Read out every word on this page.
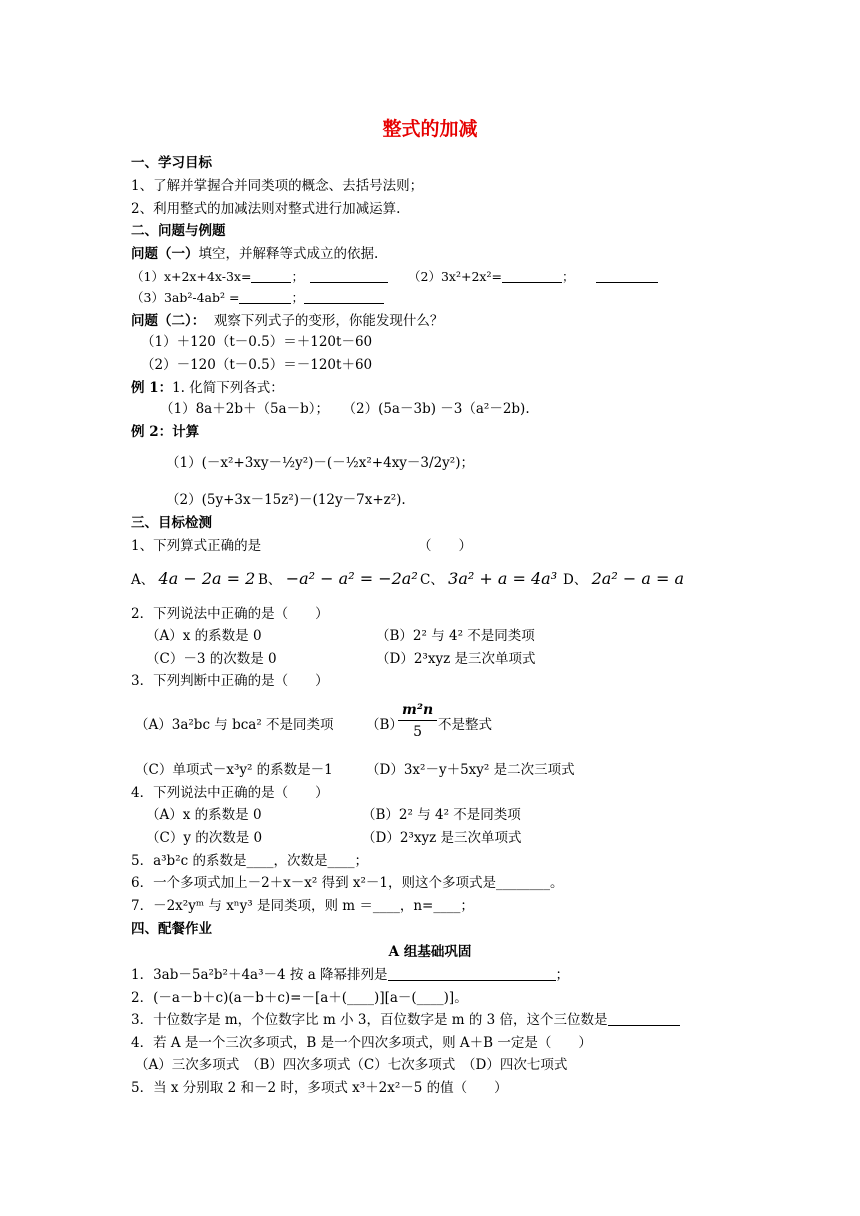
整式的加减
一、学习目标
1、了解并掌握合并同类项的概念、去括号法则；
2、利用整式的加减法则对整式进行加减运算.
二、问题与例题
问题（一）填空，并解释等式成立的依据.
（1）x+2x+4x-3x=	；	（2）3x²+2x²=	；
（3）3ab²-4ab² =	；
问题（二）： 观察下列式子的变形，你能发现什么？
（1）＋120（t－0.5）＝＋120t－60
（2）－120（t－0.5）＝－120t＋60
例 1：1. 化简下列各式：
（1）8a＋2b＋（5a－b）；　　（2）(5a－3b) －3（a²－2b).
例 2：计算
（1）(－x²+3xy－½y²)－(－½x²+4xy－3/2y²)；
（2）(5y+3x－15z²)－(12y－7x+z²).
三、目标检测
1、下列算式正确的是	（　　）
A、 4a − 2a = 2 B、 −a² − a² = −2a² C、 3a² + a = 4a³ D、 2a² − a = a
2．下列说法中正确的是（　　）
（A）x 的系数是 0	（B）2² 与 4² 不是同类项
（C）－3 的次数是 0	（D）2³xyz 是三次单项式
3．下列判断中正确的是（　　）
（A）3a²bc 与 bca² 不是同类项 （B）
$\frac{\text{m²n}}{5}$ 不是整式
（C）单项式－x³y² 的系数是－1 （D）3x²－y＋5xy² 是二次三项式
4．下列说法中正确的是（　　）
（A）x 的系数是 0	（B）2² 与 4² 不是同类项
（C）y 的次数是 0	（D）2³xyz 是三次单项式
5．a³b²c 的系数是____，次数是____；
6．一个多项式加上－2＋x－x² 得到 x²－1，则这个多项式是________。
7．－2x²yᵐ 与 xⁿy³ 是同类项，则 m ＝____，n=____；
四、配餐作业
A 组基础巩固
1．3ab－5a²b²＋4a³－4 按 a 降幂排列是	；
2．(－a－b＋c)(a－b＋c)=－[a＋(____)][a－(____)]。
3．十位数字是 m，个位数字比 m 小 3，百位数字是 m 的 3 倍，这个三位数是
4．若 A 是一个三次多项式，B 是一个四次多项式，则 A＋B 一定是（　　）
（A）三次多项式　（B）四次多项式（C）七次多项式　（D）四次七项式
5．当 x 分别取 2 和－2 时，多项式 x³＋2x²－5 的值（　　）
